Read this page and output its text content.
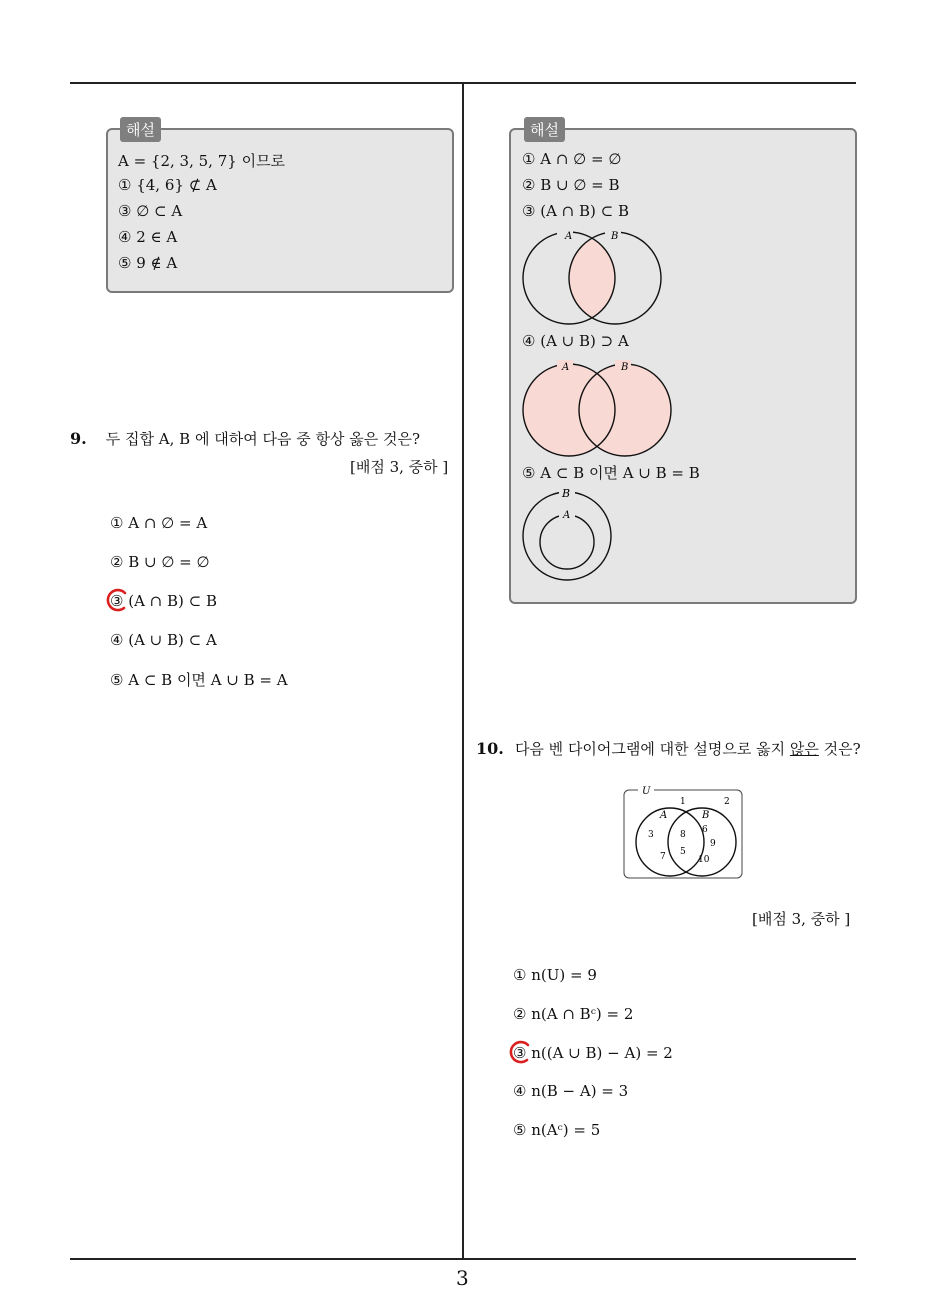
해설
A = {2, 3, 5, 7} 이므로
① {4, 6} ⊄ A
③ ∅ ⊂ A
④ 2 ∈ A
⑤ 9 ∉ A
9. 두 집합 A, B 에 대하여 다음 중 항상 옳은 것은?
[배점 3, 중하 ]
① A ∩ ∅ = A
② B ∪ ∅ = ∅
③ (A ∩ B) ⊂ B
④ (A ∪ B) ⊂ A
⑤ A ⊂ B 이면 A ∪ B = A
해설
① A ∩ ∅ = ∅
② B ∪ ∅ = B
③ (A ∩ B) ⊂ B
A	B
④ (A ∪ B) ⊃ A
A	B
⑤ A ⊂ B 이면 A ∪ B = B
B
A
10. 다음 벤 다이어그램에 대한 설명으로 옳지 않은 것은?
U
A	B
1	2
3
7
8
5
6
9
10
[배점 3, 중하 ]
① n(U) = 9
② n(A ∩ Bᶜ) = 2
③ n((A ∪ B) − A) = 2
④ n(B − A) = 3
⑤ n(Aᶜ) = 5
3
